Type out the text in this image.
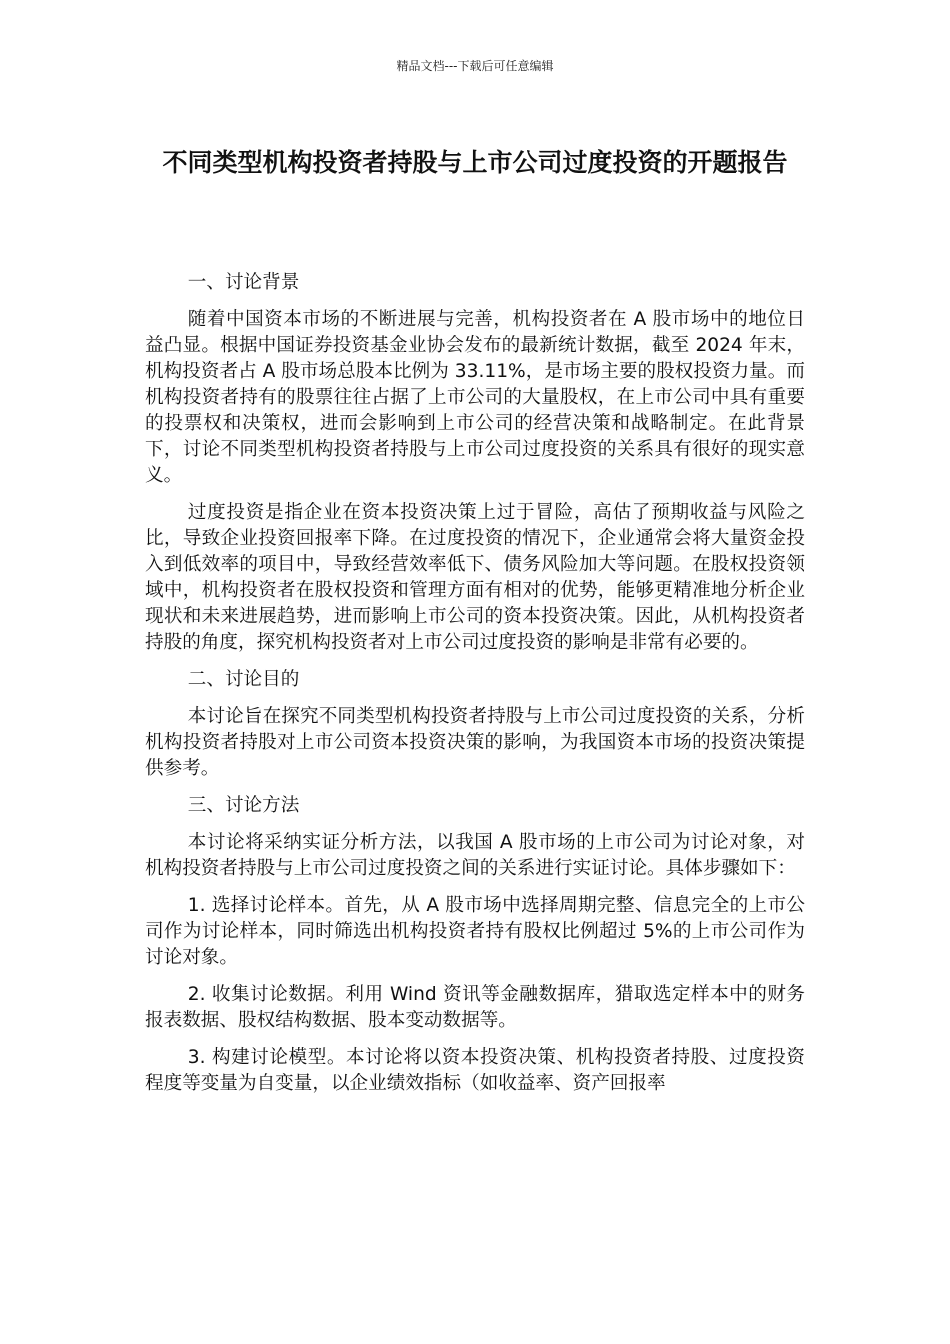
精品文档---下载后可任意编辑
不同类型机构投资者持股与上市公司过度投资的开题报告

一、讨论背景

随着中国资本市场的不断进展与完善，机构投资者在 A 股市场中的地位日益凸显。根据中国证券投资基金业协会发布的最新统计数据，截至 2024 年末，机构投资者占 A 股市场总股本比例为 33.11%，是市场主要的股权投资力量。而机构投资者持有的股票往往占据了上市公司的大量股权，在上市公司中具有重要的投票权和决策权，进而会影响到上市公司的经营决策和战略制定。在此背景下，讨论不同类型机构投资者持股与上市公司过度投资的关系具有很好的现实意义。

过度投资是指企业在资本投资决策上过于冒险，高估了预期收益与风险之比，导致企业投资回报率下降。在过度投资的情况下，企业通常会将大量资金投入到低效率的项目中，导致经营效率低下、债务风险加大等问题。在股权投资领域中，机构投资者在股权投资和管理方面有相对的优势，能够更精准地分析企业现状和未来进展趋势，进而影响上市公司的资本投资决策。因此，从机构投资者持股的角度，探究机构投资者对上市公司过度投资的影响是非常有必要的。

二、讨论目的

本讨论旨在探究不同类型机构投资者持股与上市公司过度投资的关系，分析机构投资者持股对上市公司资本投资决策的影响，为我国资本市场的投资决策提供参考。

三、讨论方法

本讨论将采纳实证分析方法，以我国 A 股市场的上市公司为讨论对象，对机构投资者持股与上市公司过度投资之间的关系进行实证讨论。具体步骤如下：

1. 选择讨论样本。首先，从 A 股市场中选择周期完整、信息完全的上市公司作为讨论样本，同时筛选出机构投资者持有股权比例超过 5%的上市公司作为讨论对象。

2. 收集讨论数据。利用 Wind 资讯等金融数据库，猎取选定样本中的财务报表数据、股权结构数据、股本变动数据等。

3. 构建讨论模型。本讨论将以资本投资决策、机构投资者持股、过度投资程度等变量为自变量，以企业绩效指标（如收益率、资产回报率
